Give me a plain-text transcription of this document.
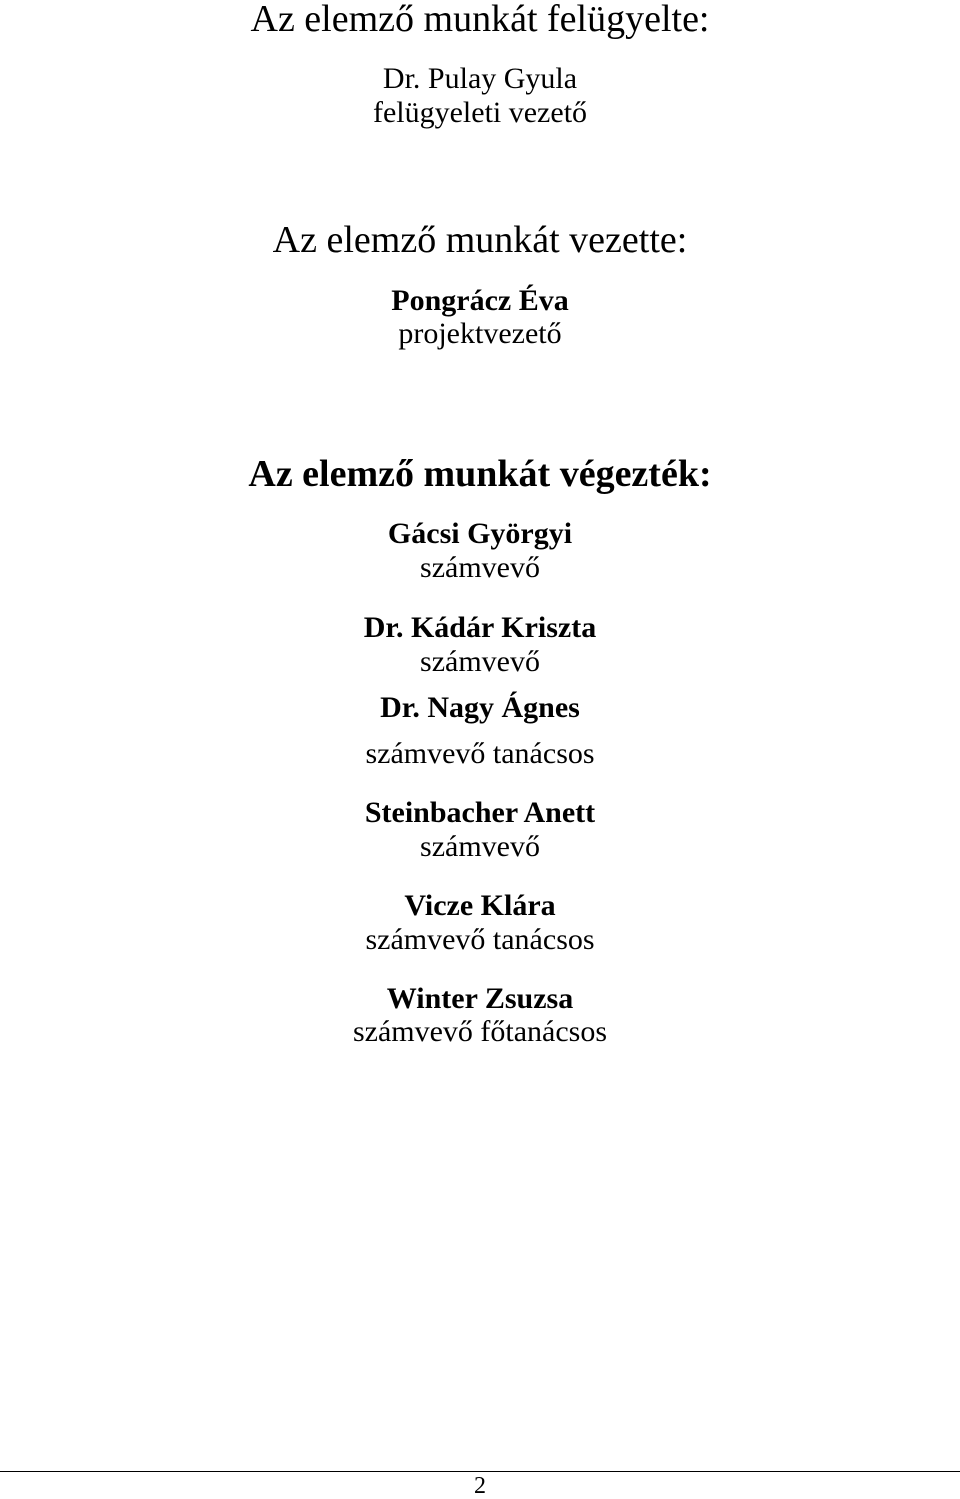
Az elemző munkát felügyelte:
Dr. Pulay Gyula
felügyeleti vezető
Az elemző munkát vezette:
Pongrácz Éva
projektvezető
Az elemző munkát végezték:
Gácsi Györgyi
számvevő
Dr. Kádár Kriszta
számvevő
Dr. Nagy Ágnes
számvevő tanácsos
Steinbacher Anett
számvevő
Vicze Klára
számvevő tanácsos
Winter Zsuzsa
számvevő főtanácsos
2
